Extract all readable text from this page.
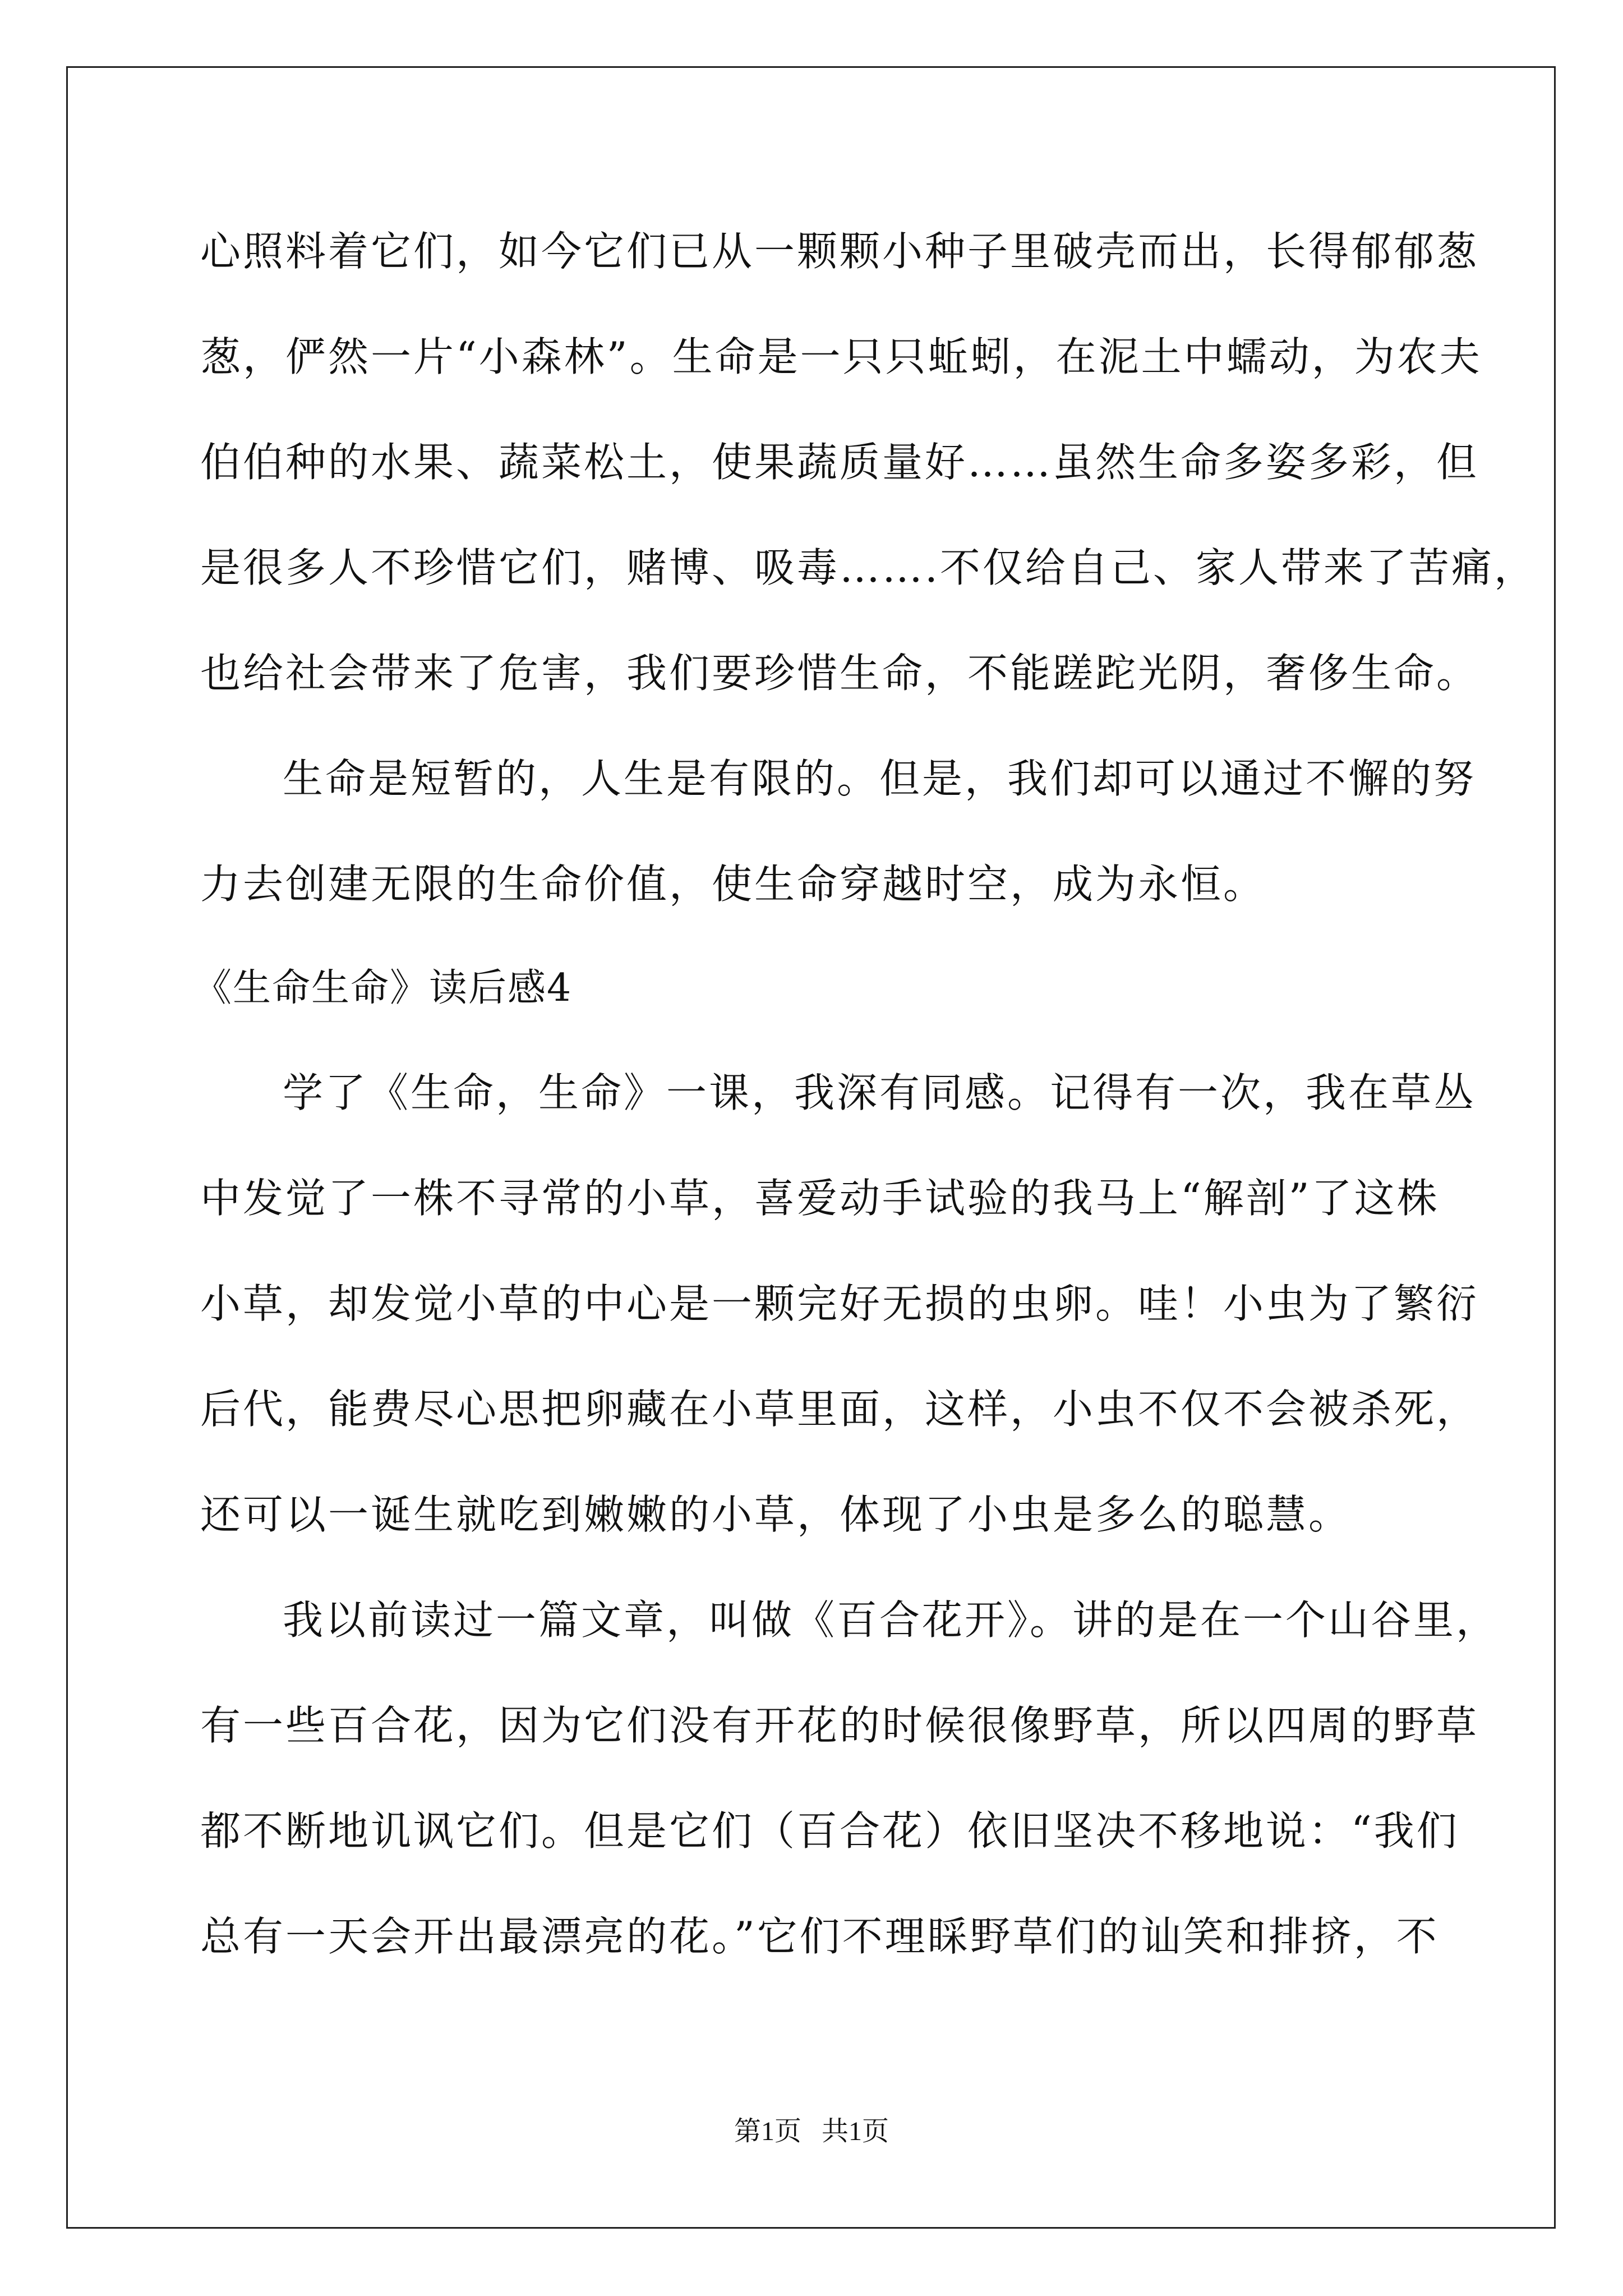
心照料着它们，如今它们已从一颗颗小种子里破壳而出，长得郁郁葱
葱，俨然一片“小森林”。生命是一只只蚯蚓，在泥土中蠕动，为农夫
伯伯种的水果、蔬菜松土，使果蔬质量好……虽然生命多姿多彩，但
是很多人不珍惜它们，赌博、吸毒…….不仅给自己、家人带来了苦痛，
也给社会带来了危害，我们要珍惜生命，不能蹉跎光阴，奢侈生命。
生命是短暂的，人生是有限的。但是，我们却可以通过不懈的努
力去创建无限的生命价值，使生命穿越时空，成为永恒。
《生命生命》读后感4
学了《生命，生命》一课，我深有同感。记得有一次，我在草丛
中发觉了一株不寻常的小草，喜爱动手试验的我马上“解剖”了这株
小草，却发觉小草的中心是一颗完好无损的虫卵。哇！小虫为了繁衍
后代，能费尽心思把卵藏在小草里面，这样，小虫不仅不会被杀死，
还可以一诞生就吃到嫩嫩的小草，体现了小虫是多么的聪慧。
我以前读过一篇文章，叫做《百合花开》。讲的是在一个山谷里，
有一些百合花，因为它们没有开花的时候很像野草，所以四周的野草
都不断地讥讽它们。但是它们（百合花）依旧坚决不移地说：“我们
总有一天会开出最漂亮的花。”它们不理睬野草们的讪笑和排挤，不
第1页   共1页
